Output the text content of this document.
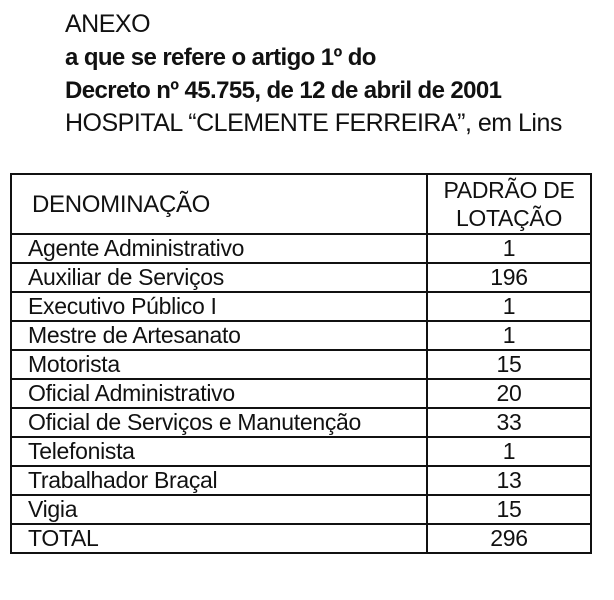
ANEXO
a que se refere o artigo 1º do
Decreto nº 45.755, de 12 de abril de 2001
HOSPITAL “CLEMENTE FERREIRA”, em Lins
DENOMINAÇÃO	PADRÃO DE
LOTAÇÃO

Agente Administrativo	1
Auxiliar de Serviços	196
Executivo Público I	1
Mestre de Artesanato	1
Motorista	15
Oficial Administrativo	20
Oficial de Serviços e Manutenção	33
Telefonista	1
Trabalhador Braçal	13
Vigia	15
TOTAL	296
